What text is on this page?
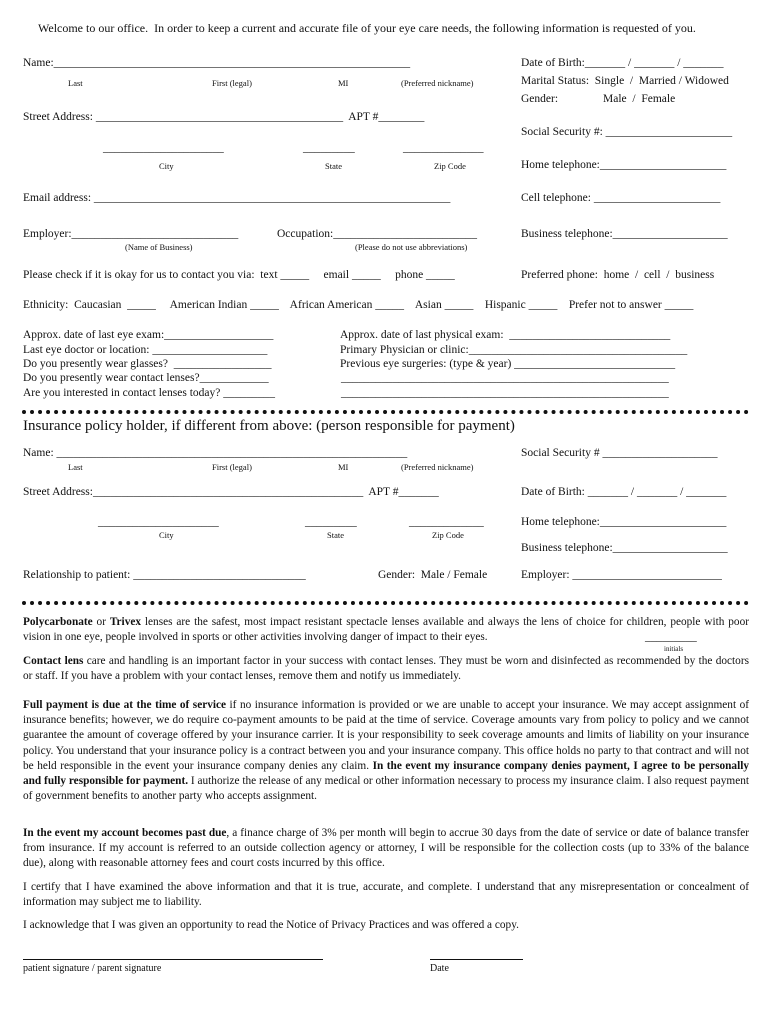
Welcome to our office.  In order to keep a current and accurate file of your eye care needs, the following information is requested of you.
Name:______________________________________________________________	Date of Birth:_______ / _______ / _______
Last	First (legal)	MI	(Preferred nickname)	Marital Status:  Single  /  Married / Widowed
Gender:	Male  /  Female
Street Address: ___________________________________________  APT #________
Social Security #: ______________________
_____________________	_________	______________
City	State	Zip Code	Home telephone:______________________
Email address: ______________________________________________________________	Cell telephone: ______________________
Employer:_____________________________	Occupation:_________________________	Business telephone:____________________
(Name of Business)	(Please do not use abbreviations)
Please check if it is okay for us to contact you via:  text _____     email _____     phone _____	Preferred phone:  home  /  cell  /  business
Ethnicity:  Caucasian  _____     American Indian _____    African American _____    Asian _____    Hispanic _____    Prefer not to answer _____
Approx. date of last eye exam:___________________
Last eye doctor or location: ____________________
Do you presently wear glasses?  _________________
Do you presently wear contact lenses?____________
Are you interested in contact lenses today? _________
Approx. date of last physical exam:  ____________________________
Primary Physician or clinic:______________________________________
Previous eye surgeries: (type & year) ____________________________
_________________________________________________________
_________________________________________________________
Insurance policy holder, if different from above: (person responsible for payment)
Name: _____________________________________________________________	Social Security # ____________________
Last	First (legal)	MI	(Preferred nickname)
Street Address:_______________________________________________  APT #_______	Date of Birth: _______ / _______ / _______
_____________________	_________	_____________	Home telephone:______________________
City	State	Zip Code
Business telephone:____________________
Relationship to patient: ______________________________	Gender:  Male / Female	Employer: __________________________
Polycarbonate or Trivex lenses are the safest, most impact resistant spectacle lenses available and always the lens of choice for children, people with poor vision in one eye, people involved in sports or other activities involving danger of impact to their eyes.	_________
initials
Contact lens care and handling is an important factor in your success with contact lenses. They must be worn and disinfected as recommended by the doctors or staff. If you have a problem with your contact lenses, remove them and notify us immediately.
Full payment is due at the time of service if no insurance information is provided or we are unable to accept your insurance. We may accept assignment of insurance benefits; however, we do require co-payment amounts to be paid at the time of service. Coverage amounts vary from policy to policy and we cannot guarantee the amount of coverage offered by your insurance carrier. It is your responsibility to seek coverage amounts and limits of liability on your insurance policy. You understand that your insurance policy is a contract between you and your insurance company. This office holds no party to that contract and will not be held responsible in the event your insurance company denies any claim. In the event my insurance company denies payment, I agree to be personally and fully responsible for payment. I authorize the release of any medical or other information necessary to process my insurance claim. I also request payment of government benefits to another party who accepts assignment.
In the event my account becomes past due, a finance charge of 3% per month will begin to accrue 30 days from the date of service or date of balance transfer from insurance. If my account is referred to an outside collection agency or attorney, I will be responsible for the collection costs (up to 33% of the balance due), along with reasonable attorney fees and court costs incurred by this office.
I certify that I have examined the above information and that it is true, accurate, and complete. I understand that any misrepresentation or concealment of information may subject me to liability.
I acknowledge that I was given an opportunity to read the Notice of Privacy Practices and was offered a copy.
patient signature / parent signature	Date
